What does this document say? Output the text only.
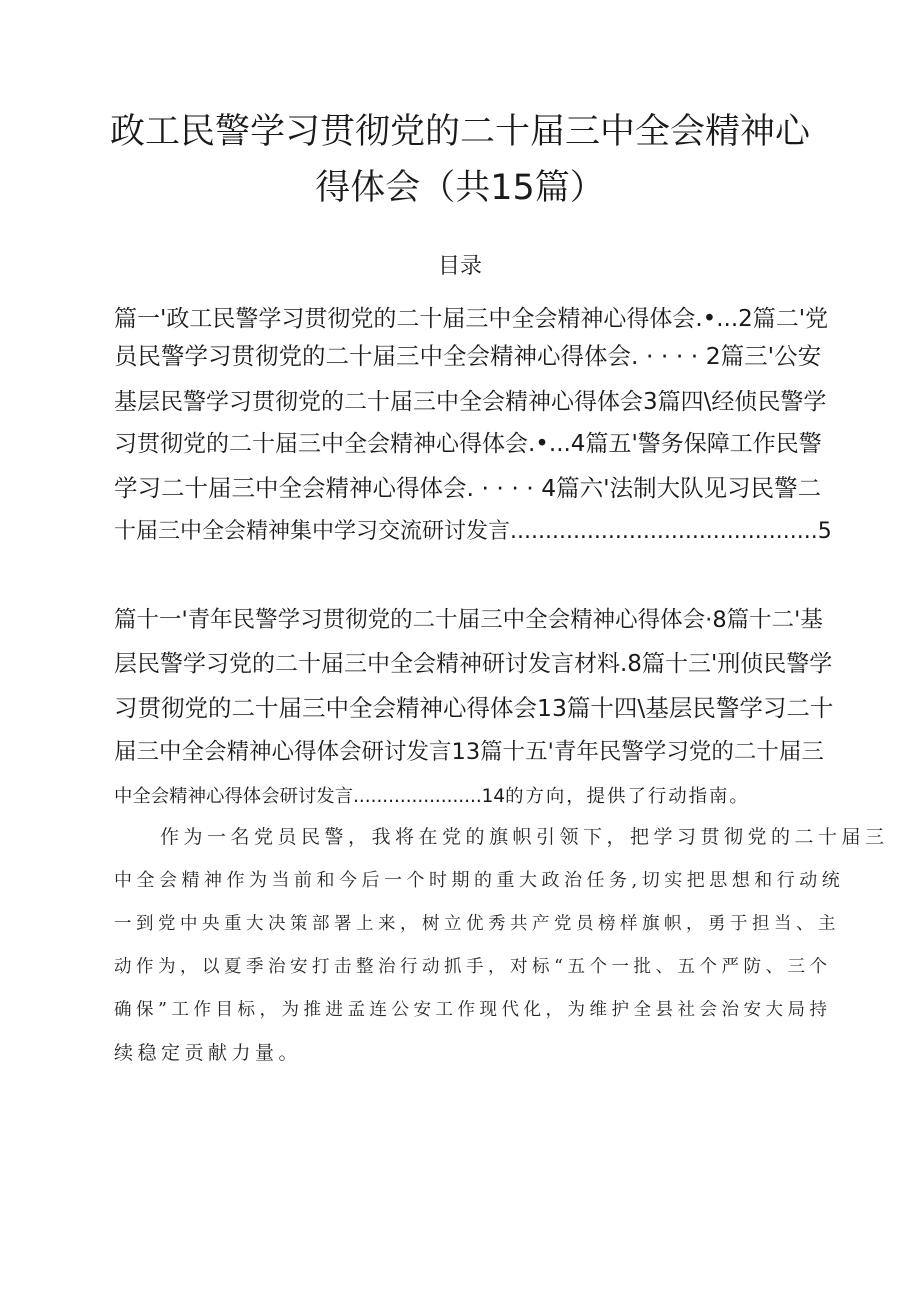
政工民警学习贯彻党的二十届三中全会精神心
得体会（共15篇）
目录

篇一'政工民警学习贯彻党的二十届三中全会精神心得体会.•...2篇二'党

员民警学习贯彻党的二十届三中全会精神心得体会. · · · · 2篇三'公安

基层民警学习贯彻党的二十届三中全会精神心得体会3篇四\经侦民警学

习贯彻党的二十届三中全会精神心得体会.•...4篇五'警务保障工作民警

学习二十届三中全会精神心得体会. · · · · 4篇六'法制大队见习民警二

十届三中全会精神集中学习交流研讨发言............................................5

篇十一'青年民警学习贯彻党的二十届三中全会精神心得体会·8篇十二'基

层民警学习党的二十届三中全会精神研讨发言材料.8篇十三'刑侦民警学

习贯彻党的二十届三中全会精神心得体会13篇十四\基层民警学习二十

届三中全会精神心得体会研讨发言13篇十五'青年民警学习党的二十届三

中全会精神心得体会研讨发言......................14的方向，提供了行动指南。

作为一名党员民警，我将在党的旗帜引领下，把学习贯彻党的二十届三

中全会精神作为当前和今后一个时期的重大政治任务,切实把思想和行动统

一到党中央重大决策部署上来，树立优秀共产党员榜样旗帜，勇于担当、主

动作为，以夏季治安打击整治行动抓手，对标“五个一批、五个严防、三个

确保”工作目标，为推进孟连公安工作现代化，为维护全县社会治安大局持

续稳定贡献力量。
